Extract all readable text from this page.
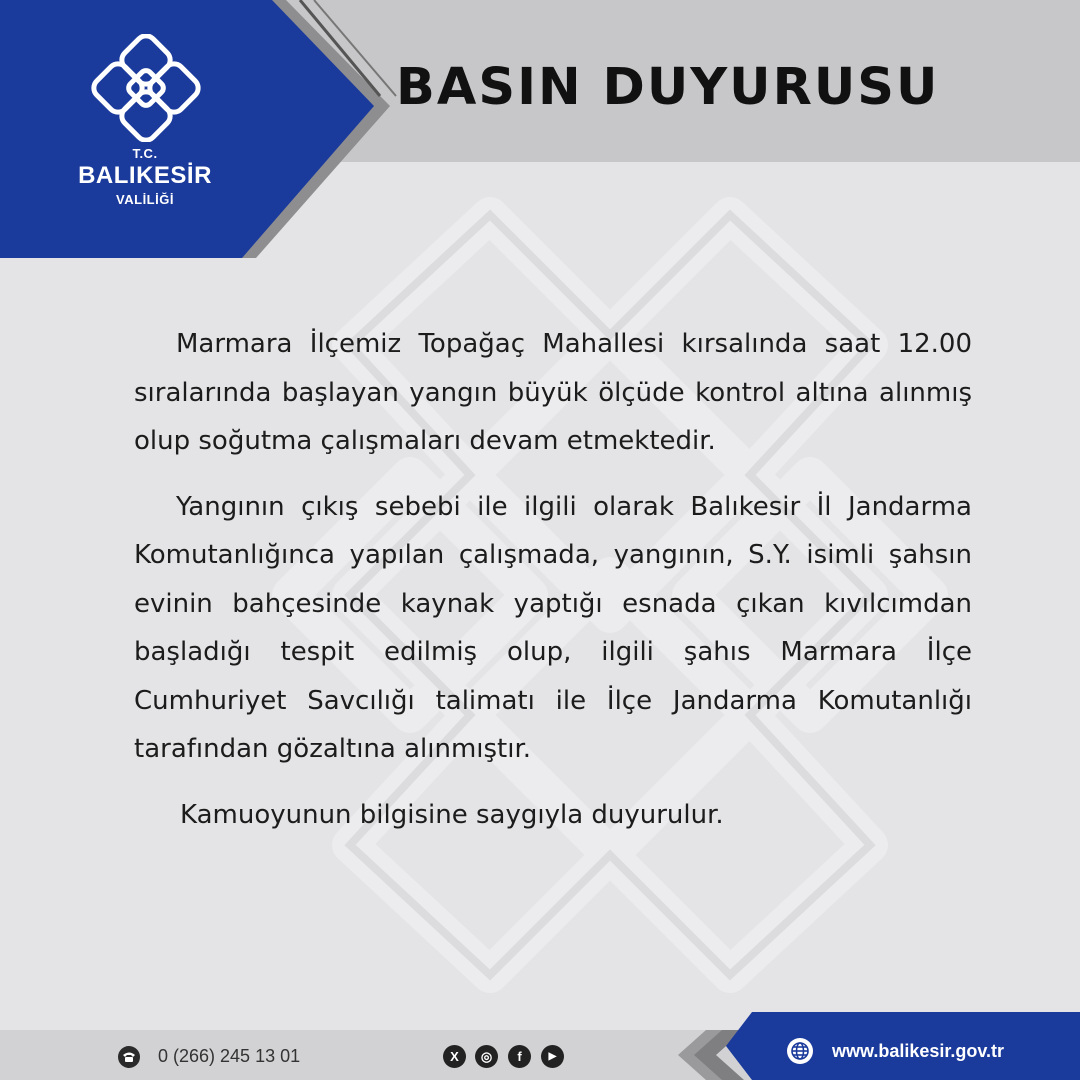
T.C.
BALIKESİR
VALİLİĞİ
BASIN DUYURUSU

Marmara İlçemiz Topağaç Mahallesi kırsalında saat 12.00 sıralarında başlayan yangın büyük ölçüde kontrol altına alınmış olup soğutma çalışmaları devam etmektedir.

Yangının çıkış sebebi ile ilgili olarak Balıkesir İl Jandarma Komutanlığınca yapılan çalışmada, yangının, S.Y. isimli şahsın evinin bahçesinde kaynak yaptığı esnada çıkan kıvılcımdan başladığı tespit edilmiş olup, ilgili şahıs Marmara İlçe Cumhuriyet Savcılığı talimatı ile İlçe Jandarma Komutanlığı tarafından gözaltına alınmıştır.

Kamuoyunun bilgisine saygıyla duyurulur.

0 (266) 245 13 01	X	◎	f	▶	www.balikesir.gov.tr
